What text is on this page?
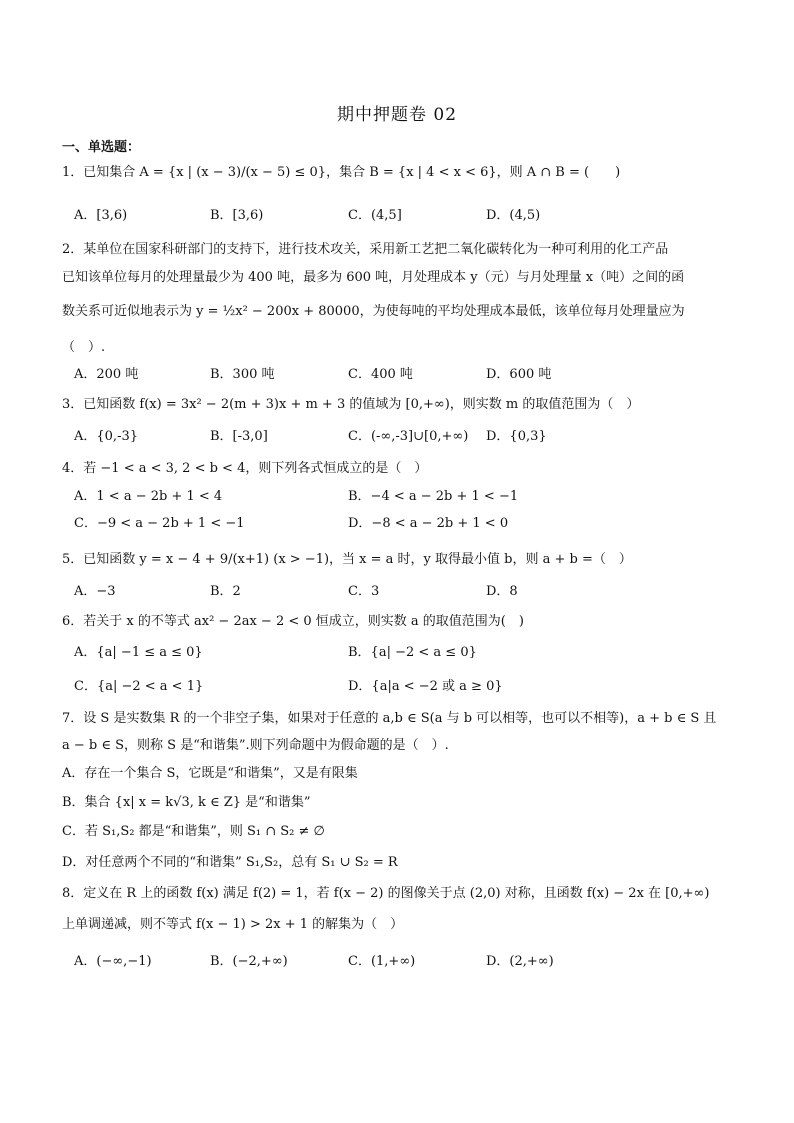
期中押题卷 02
一、单选题：
1．已知集合 A = {x | (x − 3)/(x − 5) ≤ 0}，集合 B = {x | 4 < x < 6}，则 A ∩ B = (　　)
A．[3,6)	B．[3,6)	C．(4,5]	D．(4,5)
2．某单位在国家科研部门的支持下，进行技术攻关，采用新工艺把二氧化碳转化为一种可利用的化工产品
已知该单位每月的处理量最少为 400 吨，最多为 600 吨，月处理成本 y（元）与月处理量 x（吨）之间的函
数关系可近似地表示为 y = ½x² − 200x + 80000，为使每吨的平均处理成本最低，该单位每月处理量应为
（　）.
A．200 吨	B．300 吨	C．400 吨	D．600 吨
3．已知函数 f(x) = 3x² − 2(m + 3)x + m + 3 的值域为 [0,+∞)，则实数 m 的取值范围为（　）
A．{0,-3}	B．[-3,0]	C．(-∞,-3]∪[0,+∞) D．{0,3}
4．若 −1 < a < 3, 2 < b < 4，则下列各式恒成立的是（　）
A．1 < a − 2b + 1 < 4	B．−4 < a − 2b + 1 < −1
C．−9 < a − 2b + 1 < −1	D．−8 < a − 2b + 1 < 0
5．已知函数 y = x − 4 + 9/(x+1) (x > −1)，当 x = a 时，y 取得最小值 b，则 a + b =（　）
A．−3	B．2	C．3	D．8
6．若关于 x 的不等式 ax² − 2ax − 2 < 0 恒成立，则实数 a 的取值范围为(　)
A．{a| −1 ≤ a ≤ 0}	B．{a| −2 < a ≤ 0}
C．{a| −2 < a < 1}	D．{a|a < −2 或 a ≥ 0}
7．设 S 是实数集 R 的一个非空子集，如果对于任意的 a,b ∈ S(a 与 b 可以相等，也可以不相等)，a + b ∈ S 且
a − b ∈ S，则称 S 是“和谐集”.则下列命题中为假命题的是（　）.
A．存在一个集合 S，它既是“和谐集”，又是有限集
B．集合 {x| x = k√3, k ∈ Z} 是“和谐集”
C．若 S₁,S₂ 都是“和谐集”，则 S₁ ∩ S₂ ≠ ∅
D．对任意两个不同的“和谐集” S₁,S₂，总有 S₁ ∪ S₂ = R
8．定义在 R 上的函数 f(x) 满足 f(2) = 1，若 f(x − 2) 的图像关于点 (2,0) 对称，且函数 f(x) − 2x 在 [0,+∞)
上单调递减，则不等式 f(x − 1) > 2x + 1 的解集为（　）
A．(−∞,−1)	B．(−2,+∞)	C．(1,+∞)	D．(2,+∞)
